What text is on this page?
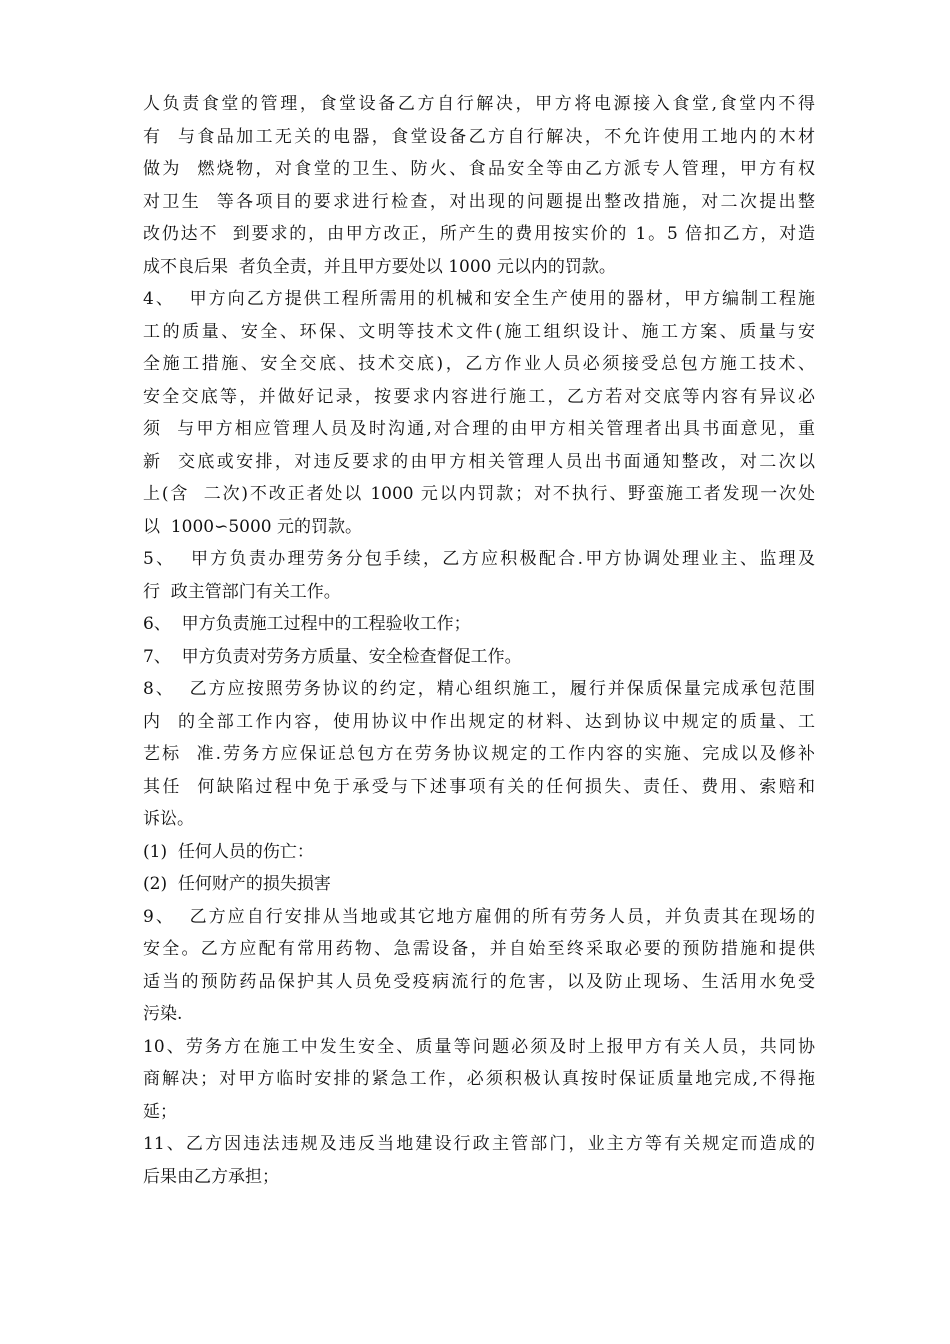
人负责食堂的管理，食堂设备乙方自行解决，甲方将电源接入食堂,食堂内不得
有  与食品加工无关的电器，食堂设备乙方自行解决，不允许使用工地内的木材
做为  燃烧物，对食堂的卫生、防火、食品安全等由乙方派专人管理，甲方有权
对卫生  等各项目的要求进行检查，对出现的问题提出整改措施，对二次提出整
改仍达不  到要求的，由甲方改正，所产生的费用按实价的 1。5 倍扣乙方，对造
成不良后果  者负全责，并且甲方要处以 1000 元以内的罚款。
4、  甲方向乙方提供工程所需用的机械和安全生产使用的器材，甲方编制工程施
工的质量、安全、环保、文明等技术文件(施工组织设计、施工方案、质量与安
全施工措施、安全交底、技术交底)，乙方作业人员必须接受总包方施工技术、
安全交底等，并做好记录，按要求内容进行施工，乙方若对交底等内容有异议必
须  与甲方相应管理人员及时沟通,对合理的由甲方相关管理者出具书面意见，重
新  交底或安排，对违反要求的由甲方相关管理人员出书面通知整改，对二次以
上(含  二次)不改正者处以 1000 元以内罚款；对不执行、野蛮施工者发现一次处
以  1000∽5000 元的罚款。
5、  甲方负责办理劳务分包手续，乙方应积极配合.甲方协调处理业主、监理及
行  政主管部门有关工作。
6、  甲方负责施工过程中的工程验收工作；
7、  甲方负责对劳务方质量、安全检查督促工作。
8、  乙方应按照劳务协议的约定，精心组织施工，履行并保质保量完成承包范围
内  的全部工作内容，使用协议中作出规定的材料、达到协议中规定的质量、工
艺标  准.劳务方应保证总包方在劳务协议规定的工作内容的实施、完成以及修补
其任  何缺陷过程中免于承受与下述事项有关的任何损失、责任、费用、索赔和
诉讼。
(1)  任何人员的伤亡：
(2)  任何财产的损失损害
9、  乙方应自行安排从当地或其它地方雇佣的所有劳务人员，并负责其在现场的
安全。乙方应配有常用药物、急需设备，并自始至终采取必要的预防措施和提供
适当的预防药品保护其人员免受疫病流行的危害，以及防止现场、生活用水免受
污染.
10、劳务方在施工中发生安全、质量等问题必须及时上报甲方有关人员，共同协
商解决；对甲方临时安排的紧急工作，必须积极认真按时保证质量地完成,不得拖
延；
11、乙方因违法违规及违反当地建设行政主管部门，业主方等有关规定而造成的
后果由乙方承担；
